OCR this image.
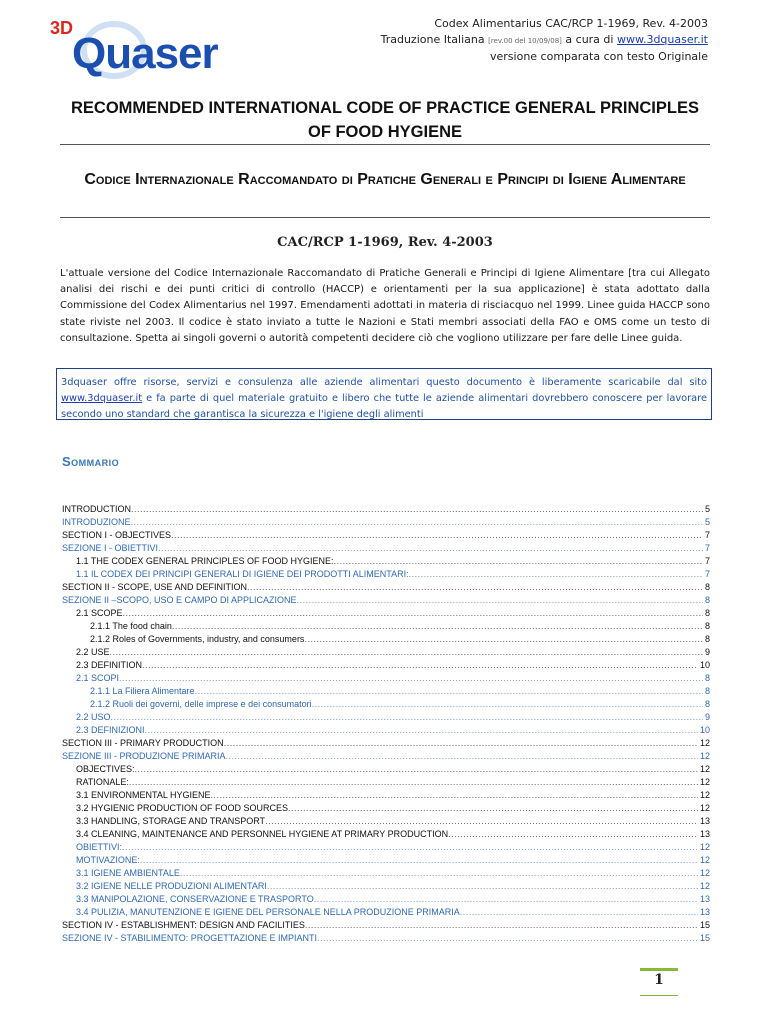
3D
Quaser
Codex Alimentarius CAC/RCP 1-1969, Rev. 4-2003
Traduzione Italiana [rev.00 del 10/09/08] a cura di www.3dquaser.it
versione comparata con testo Originale
RECOMMENDED INTERNATIONAL CODE OF PRACTICE GENERAL PRINCIPLES OF FOOD HYGIENE
Codice Internazionale Raccomandato di Pratiche Generali e Principi di Igiene Alimentare
CAC/RCP 1-1969, Rev. 4-2003
L'attuale versione del Codice Internazionale Raccomandato di Pratiche Generali e Principi di Igiene Alimentare [tra cui Allegato analisi dei rischi e dei punti critici di controllo (HACCP) e orientamenti per la sua applicazione] è stata adottato dalla Commissione del Codex Alimentarius nel 1997. Emendamenti adottati in materia di risciacquo nel 1999. Linee guida HACCP sono state riviste nel 2003. Il codice è stato inviato a tutte le Nazioni e Stati membri associati della FAO e OMS come un testo di consultazione. Spetta ai singoli governi o autorità competenti decidere ciò che vogliono utilizzare per fare delle Linee guida.
3dquaser offre risorse, servizi e consulenza alle aziende alimentari questo documento è liberamente scaricabile dal sito www.3dquaser.it e fa parte di quel materiale gratuito e libero che tutte le aziende alimentari dovrebbero conoscere per lavorare secondo uno standard che garantisca la sicurezza e l'igiene degli alimenti
Sommario
INTRODUCTION .....	5
INTRODUZIONE .....	5
SECTION I - OBJECTIVES .....	7
SEZIONE I - OBIETTIVI .....	7
1.1 THE CODEX GENERAL PRINCIPLES OF FOOD HYGIENE: .....	7
1.1 IL CODEX DEI PRINCIPI GENERALI DI IGIENE DEI PRODOTTI ALIMENTARI: .....	7
SECTION II - SCOPE, USE AND DEFINITION .....	8
SEZIONE II –SCOPO, USO E CAMPO DI APPLICAZIONE .....	8
2.1 SCOPE .....	8
2.1.1 The food chain .....	8
2.1.2 Roles of Governments, industry, and consumers .....	8
2.2 USE .....	9
2.3 DEFINITION .....	10
2.1 SCOPI .....	8
2.1.1 La Filiera Alimentare .....	8
2.1.2 Ruoli dei governi, delle imprese e dei consumatori .....	8
2.2 USO .....	9
2.3 DEFINIZIONI .....	10
SECTION III - PRIMARY PRODUCTION .....	12
SEZIONE III - PRODUZIONE PRIMARIA .....	12
OBJECTIVES: .....	12
RATIONALE: .....	12
3.1 ENVIRONMENTAL HYGIENE .....	12
3.2 HYGIENIC PRODUCTION OF FOOD SOURCES .....	12
3.3 HANDLING, STORAGE AND TRANSPORT .....	13
3.4 CLEANING, MAINTENANCE AND PERSONNEL HYGIENE AT PRIMARY PRODUCTION .....	13
OBIETTIVI: .....	12
MOTIVAZIONE: .....	12
3.1 IGIENE AMBIENTALE .....	12
3.2 IGIENE NELLE PRODUZIONI ALIMENTARI .....	12
3.3 MANIPOLAZIONE, CONSERVAZIONE E TRASPORTO .....	13
3.4 PULIZIA, MANUTENZIONE E IGIENE DEL PERSONALE NELLA PRODUZIONE PRIMARIA .....	13
SECTION IV - ESTABLISHMENT: DESIGN AND FACILITIES .....	15
SEZIONE IV - STABILIMENTO: PROGETTAZIONE E IMPIANTI .....	15
1
